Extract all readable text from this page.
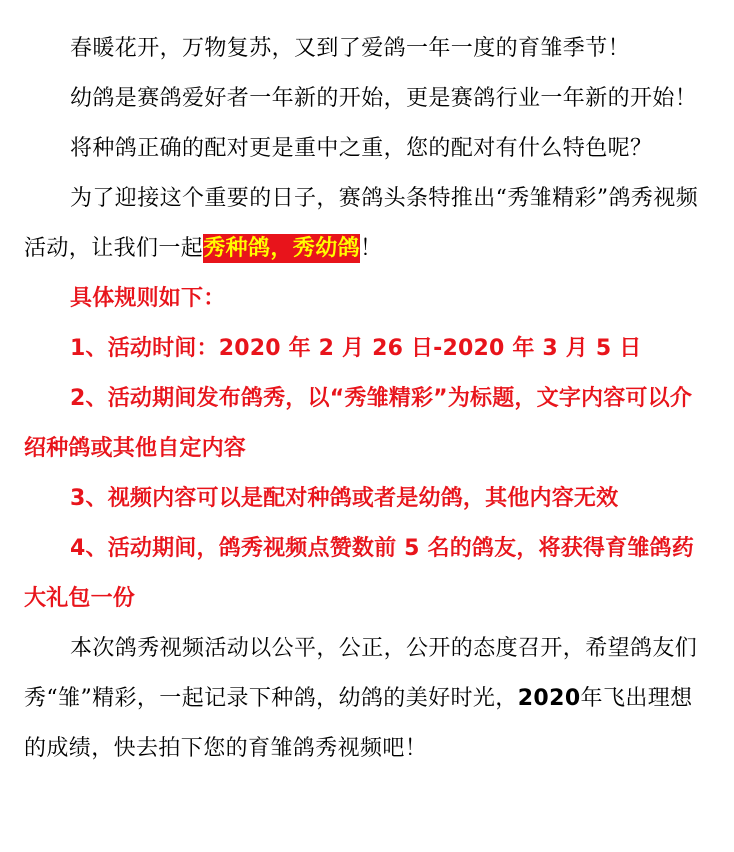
春暖花开，万物复苏，又到了爱鸽一年一度的育雏季节！

幼鸽是赛鸽爱好者一年新的开始，更是赛鸽行业一年新的开始！

将种鸽正确的配对更是重中之重，您的配对有什么特色呢？

为了迎接这个重要的日子，赛鸽头条特推出“秀雏精彩”鸽秀视频活动，让我们一起秀种鸽，秀幼鸽！

具体规则如下：

1、活动时间：2020 年 2 月 26 日-2020 年 3 月 5 日

2、活动期间发布鸽秀，以“秀雏精彩”为标题，文字内容可以介绍种鸽或其他自定内容

3、视频内容可以是配对种鸽或者是幼鸽，其他内容无效

4、活动期间，鸽秀视频点赞数前 5 名的鸽友，将获得育雏鸽药大礼包一份

本次鸽秀视频活动以公平，公正，公开的态度召开，希望鸽友们秀“雏”精彩，一起记录下种鸽，幼鸽的美好时光，2020年飞出理想的成绩，快去拍下您的育雏鸽秀视频吧！
